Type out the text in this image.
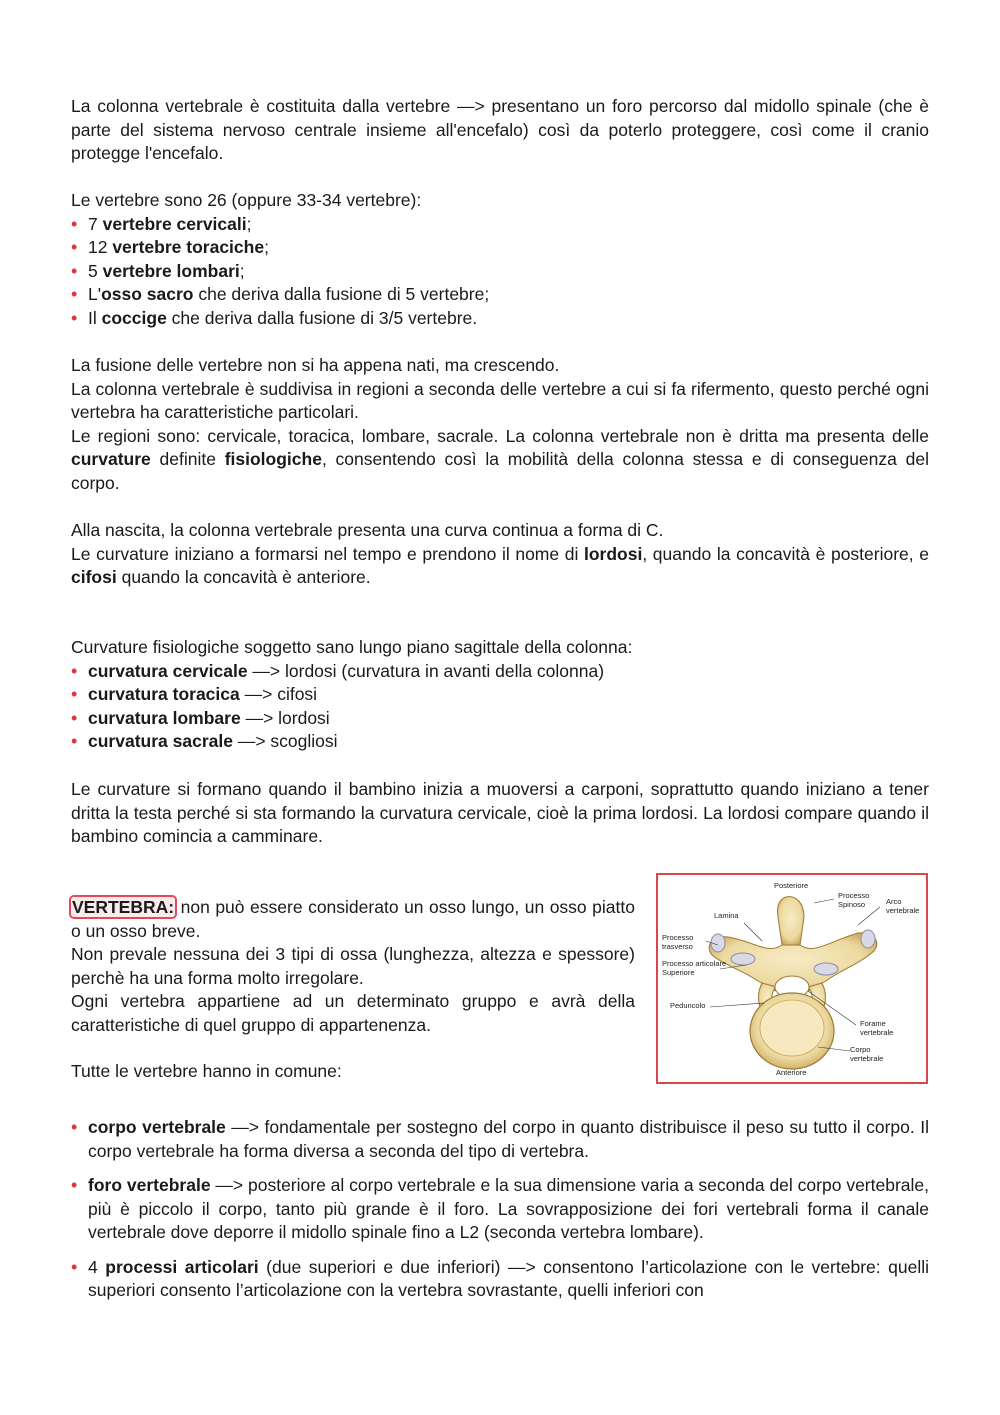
La colonna vertebrale è costituita dalla vertebre —> presentano un foro percorso dal midollo spinale (che è parte del sistema nervoso centrale insieme all'encefalo) così da poterlo proteggere, così come il cranio protegge l'encefalo.

Le vertebre sono 26 (oppure 33-34 vertebre):

• 7 vertebre cervicali;
• 12 vertebre toraciche;
• 5 vertebre lombari;
• L'osso sacro che deriva dalla fusione di 5 vertebre;
• Il coccige che deriva dalla fusione di 3/5 vertebre.

La fusione delle vertebre non si ha appena nati, ma crescendo.

La colonna vertebrale è suddivisa in regioni a seconda delle vertebre a cui si fa rifermento, questo perché ogni vertebra ha caratteristiche particolari.

Le regioni sono: cervicale, toracica, lombare, sacrale. La colonna vertebrale non è dritta ma presenta delle curvature definite fisiologiche, consentendo così la mobilità della colonna stessa e di conseguenza del corpo.

Alla nascita, la colonna vertebrale presenta una curva continua a forma di C.

Le curvature iniziano a formarsi nel tempo e prendono il nome di lordosi, quando la concavità è posteriore, e cifosi quando la concavità è anteriore.

Curvature fisiologiche soggetto sano lungo piano sagittale della colonna:

• curvatura cervicale —> lordosi (curvatura in avanti della colonna)
• curvatura toracica —> cifosi
• curvatura lombare —> lordosi
• curvatura sacrale —> scogliosi

Le curvature si formano quando il bambino inizia a muoversi a carponi, soprattutto quando iniziano a tener dritta la testa perché si sta formando la curvatura cervicale, cioè la prima lordosi. La lordosi compare quando il bambino comincia a camminare.

VERTEBRA: non può essere considerato un osso lungo, un osso piatto o un osso breve.

Non prevale nessuna dei 3 tipi di ossa (lunghezza, altezza e spessore) perchè ha una forma molto irregolare.

Ogni vertebra appartiene ad un determinato gruppo e avrà della caratteristiche di quel gruppo di appartenenza.

Tutte le vertebre hanno in comune:

Posteriore
Processo
Spinoso	Arco
vertebrale
Lamina
Processo
trasverso
Processo articolare
Superiore
Peduncolo
Forame
vertebrale
Corpo
vertebrale
Anteriore
• corpo vertebrale —> fondamentale per sostegno del corpo in quanto distribuisce il peso su tutto il corpo. Il corpo vertebrale ha forma diversa a seconda del tipo di vertebra.
• foro vertebrale —> posteriore al corpo vertebrale e la sua dimensione varia a seconda del corpo vertebrale, più è piccolo il corpo, tanto più grande è il foro. La sovrapposizione dei fori vertebrali forma il canale vertebrale dove deporre il midollo spinale fino a L2 (seconda vertebra lombare).
• 4 processi articolari (due superiori e due inferiori) —> consentono l’articolazione con le vertebre: quelli superiori consento l’articolazione con la vertebra sovrastante, quelli inferiori con
